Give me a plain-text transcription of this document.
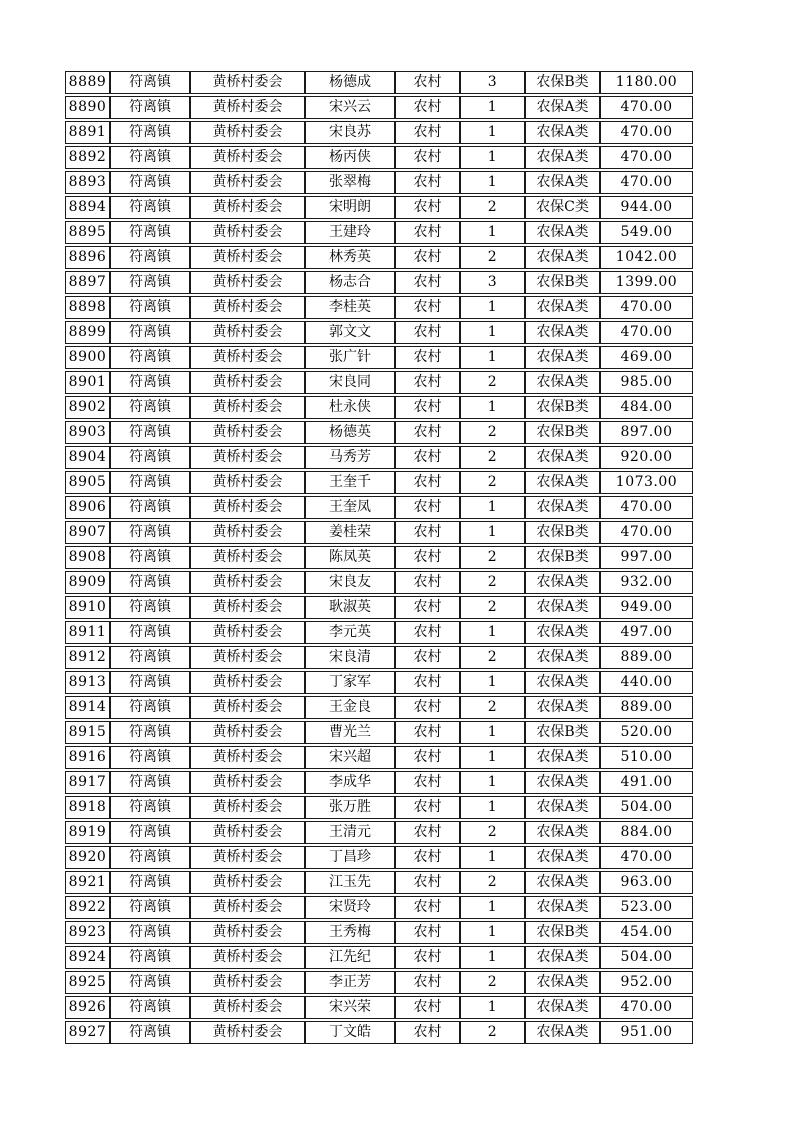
8889	符离镇	黄桥村委会	杨德成	农村	3	农保B类	1180.00
8890	符离镇	黄桥村委会	宋兴云	农村	1	农保A类	470.00
8891	符离镇	黄桥村委会	宋良苏	农村	1	农保A类	470.00
8892	符离镇	黄桥村委会	杨丙侠	农村	1	农保A类	470.00
8893	符离镇	黄桥村委会	张翠梅	农村	1	农保A类	470.00
8894	符离镇	黄桥村委会	宋明朗	农村	2	农保C类	944.00
8895	符离镇	黄桥村委会	王建玲	农村	1	农保A类	549.00
8896	符离镇	黄桥村委会	林秀英	农村	2	农保A类	1042.00
8897	符离镇	黄桥村委会	杨志合	农村	3	农保B类	1399.00
8898	符离镇	黄桥村委会	李桂英	农村	1	农保A类	470.00
8899	符离镇	黄桥村委会	郭文文	农村	1	农保A类	470.00
8900	符离镇	黄桥村委会	张广针	农村	1	农保A类	469.00
8901	符离镇	黄桥村委会	宋良同	农村	2	农保A类	985.00
8902	符离镇	黄桥村委会	杜永侠	农村	1	农保B类	484.00
8903	符离镇	黄桥村委会	杨德英	农村	2	农保B类	897.00
8904	符离镇	黄桥村委会	马秀芳	农村	2	农保A类	920.00
8905	符离镇	黄桥村委会	王奎千	农村	2	农保A类	1073.00
8906	符离镇	黄桥村委会	王奎凤	农村	1	农保A类	470.00
8907	符离镇	黄桥村委会	姜桂荣	农村	1	农保B类	470.00
8908	符离镇	黄桥村委会	陈凤英	农村	2	农保B类	997.00
8909	符离镇	黄桥村委会	宋良友	农村	2	农保A类	932.00
8910	符离镇	黄桥村委会	耿淑英	农村	2	农保A类	949.00
8911	符离镇	黄桥村委会	李元英	农村	1	农保A类	497.00
8912	符离镇	黄桥村委会	宋良清	农村	2	农保A类	889.00
8913	符离镇	黄桥村委会	丁家军	农村	1	农保A类	440.00
8914	符离镇	黄桥村委会	王金良	农村	2	农保A类	889.00
8915	符离镇	黄桥村委会	曹光兰	农村	1	农保B类	520.00
8916	符离镇	黄桥村委会	宋兴超	农村	1	农保A类	510.00
8917	符离镇	黄桥村委会	李成华	农村	1	农保A类	491.00
8918	符离镇	黄桥村委会	张万胜	农村	1	农保A类	504.00
8919	符离镇	黄桥村委会	王清元	农村	2	农保A类	884.00
8920	符离镇	黄桥村委会	丁昌珍	农村	1	农保A类	470.00
8921	符离镇	黄桥村委会	江玉先	农村	2	农保A类	963.00
8922	符离镇	黄桥村委会	宋贤玲	农村	1	农保A类	523.00
8923	符离镇	黄桥村委会	王秀梅	农村	1	农保B类	454.00
8924	符离镇	黄桥村委会	江先纪	农村	1	农保A类	504.00
8925	符离镇	黄桥村委会	李正芳	农村	2	农保A类	952.00
8926	符离镇	黄桥村委会	宋兴荣	农村	1	农保A类	470.00
8927	符离镇	黄桥村委会	丁文皓	农村	2	农保A类	951.00
